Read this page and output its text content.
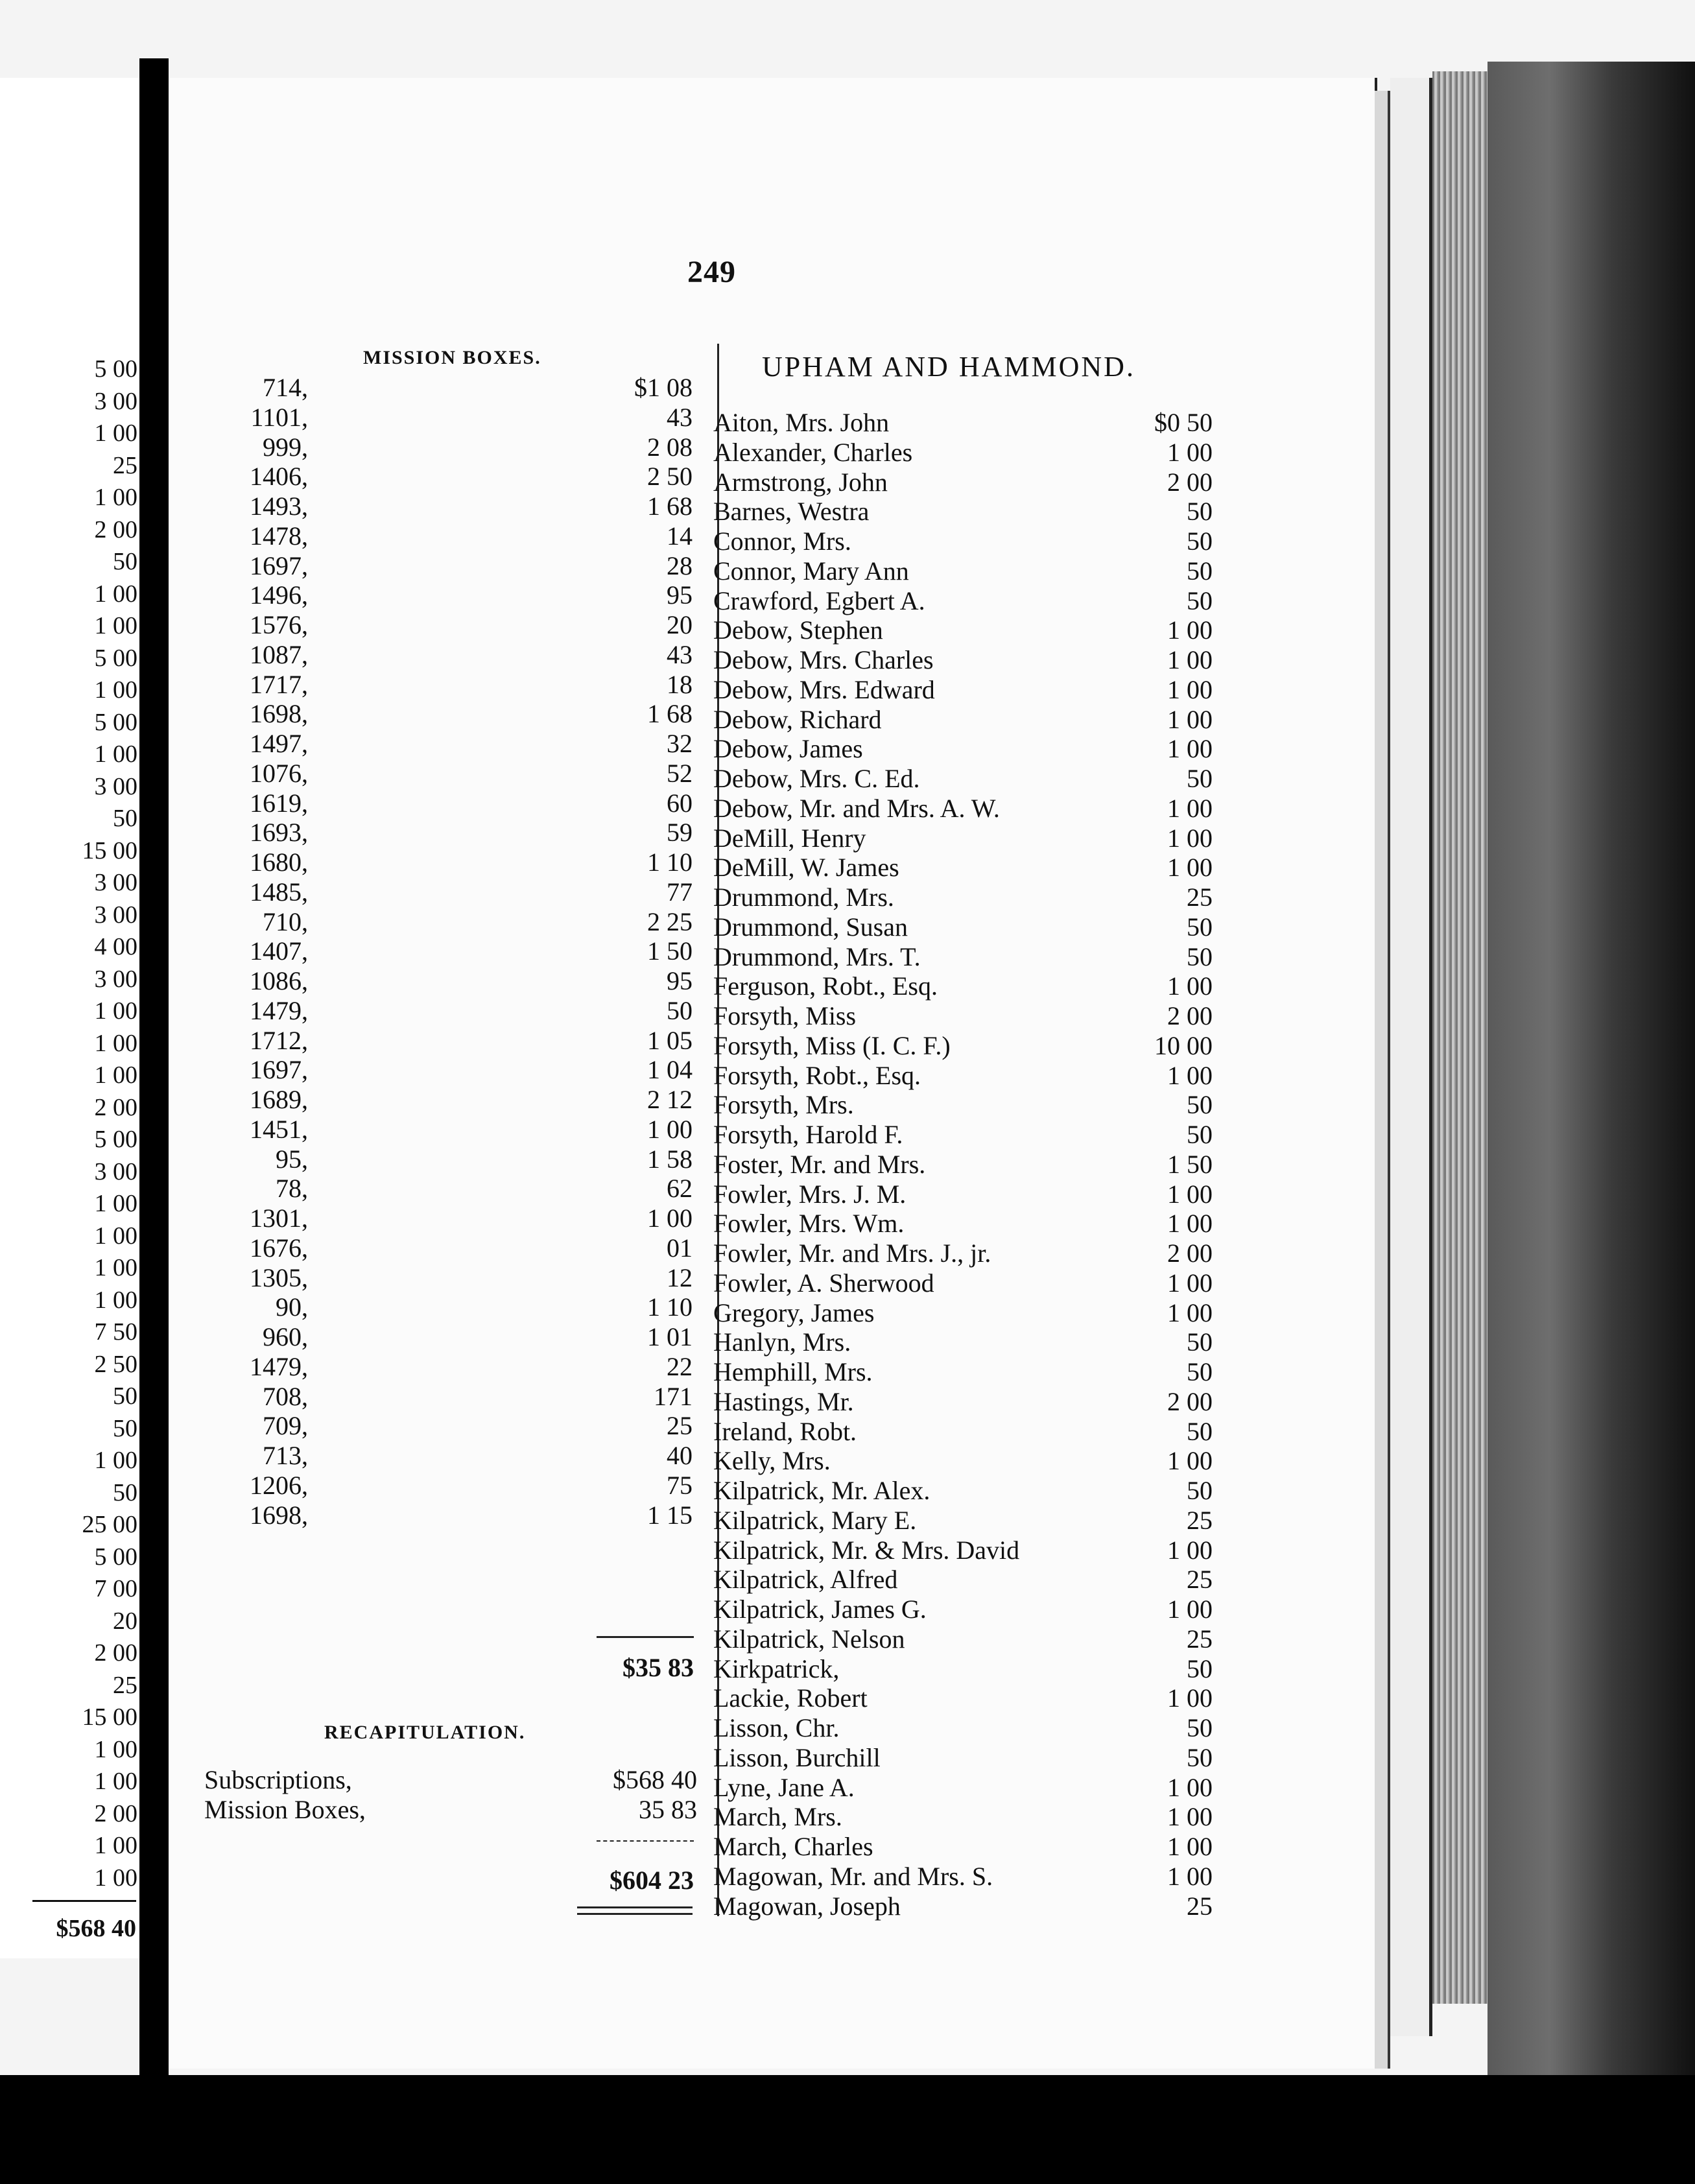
5 00
3 00
1 00
25
1 00
2 00
50
1 00
1 00
5 00
1 00
5 00
1 00
3 00
50
15 00
3 00
3 00
4 00
3 00
1 00
1 00
1 00
2 00
5 00
3 00
1 00
1 00
1 00
1 00
7 50
2 50
50
50
1 00
50
25 00
5 00
7 00
20
2 00
25
15 00
1 00
1 00
2 00
1 00
1 00
$568 40
249
MISSION BOXES.
714,	$1 08
1101,	43
999,	2 08
1406,	2 50
1493,	1 68
1478,	14
1697,	28
1496,	95
1576,	20
1087,	43
1717,	18
1698,	1 68
1497,	32
1076,	52
1619,	60
1693,	59
1680,	1 10
1485,	77
710,	2 25
1407,	1 50
1086,	95
1479,	50
1712,	1 05
1697,	1 04
1689,	2 12
1451,	1 00
95,	1 58
78,	62
1301,	1 00
1676,	01
1305,	12
90,	1 10
960,	1 01
1479,	22
708,	171
709,	25
713,	40
1206,	75
1698,	1 15
$35 83
RECAPITULATION.
Subscriptions,	$568 40
Mission Boxes,	35 83
$604 23
UPHAM AND HAMMOND.
Aiton, Mrs. John	$0 50
Alexander, Charles	1 00
Armstrong, John	2 00
Barnes, Westra	50
Connor, Mrs.	50
Connor, Mary Ann	50
Crawford, Egbert A.	50
Debow, Stephen	1 00
Debow, Mrs. Charles	1 00
Debow, Mrs. Edward	1 00
Debow, Richard	1 00
Debow, James	1 00
Debow, Mrs. C. Ed.	50
Debow, Mr. and Mrs. A. W.	1 00
DeMill, Henry	1 00
DeMill, W. James	1 00
Drummond, Mrs.	25
Drummond, Susan	50
Drummond, Mrs. T.	50
Ferguson, Robt., Esq.	1 00
Forsyth, Miss	2 00
Forsyth, Miss (I. C. F.)	10 00
Forsyth, Robt., Esq.	1 00
Forsyth, Mrs.	50
Forsyth, Harold F.	50
Foster, Mr. and Mrs.	1 50
Fowler, Mrs. J. M.	1 00
Fowler, Mrs. Wm.	1 00
Fowler, Mr. and Mrs. J., jr.	2 00
Fowler, A. Sherwood	1 00
Gregory, James	1 00
Hanlyn, Mrs.	50
Hemphill, Mrs.	50
Hastings, Mr.	2 00
Ireland, Robt.	50
Kelly, Mrs.	1 00
Kilpatrick, Mr. Alex.	50
Kilpatrick, Mary E.	25
Kilpatrick, Mr. & Mrs. David	1 00
Kilpatrick, Alfred	25
Kilpatrick, James G.	1 00
Kilpatrick, Nelson	25
Kirkpatrick,	50
Lackie, Robert	1 00
Lisson, Chr.	50
Lisson, Burchill	50
Lyne, Jane A.	1 00
March, Mrs.	1 00
March, Charles	1 00
Magowan, Mr. and Mrs. S.	1 00
Magowan, Joseph	25
